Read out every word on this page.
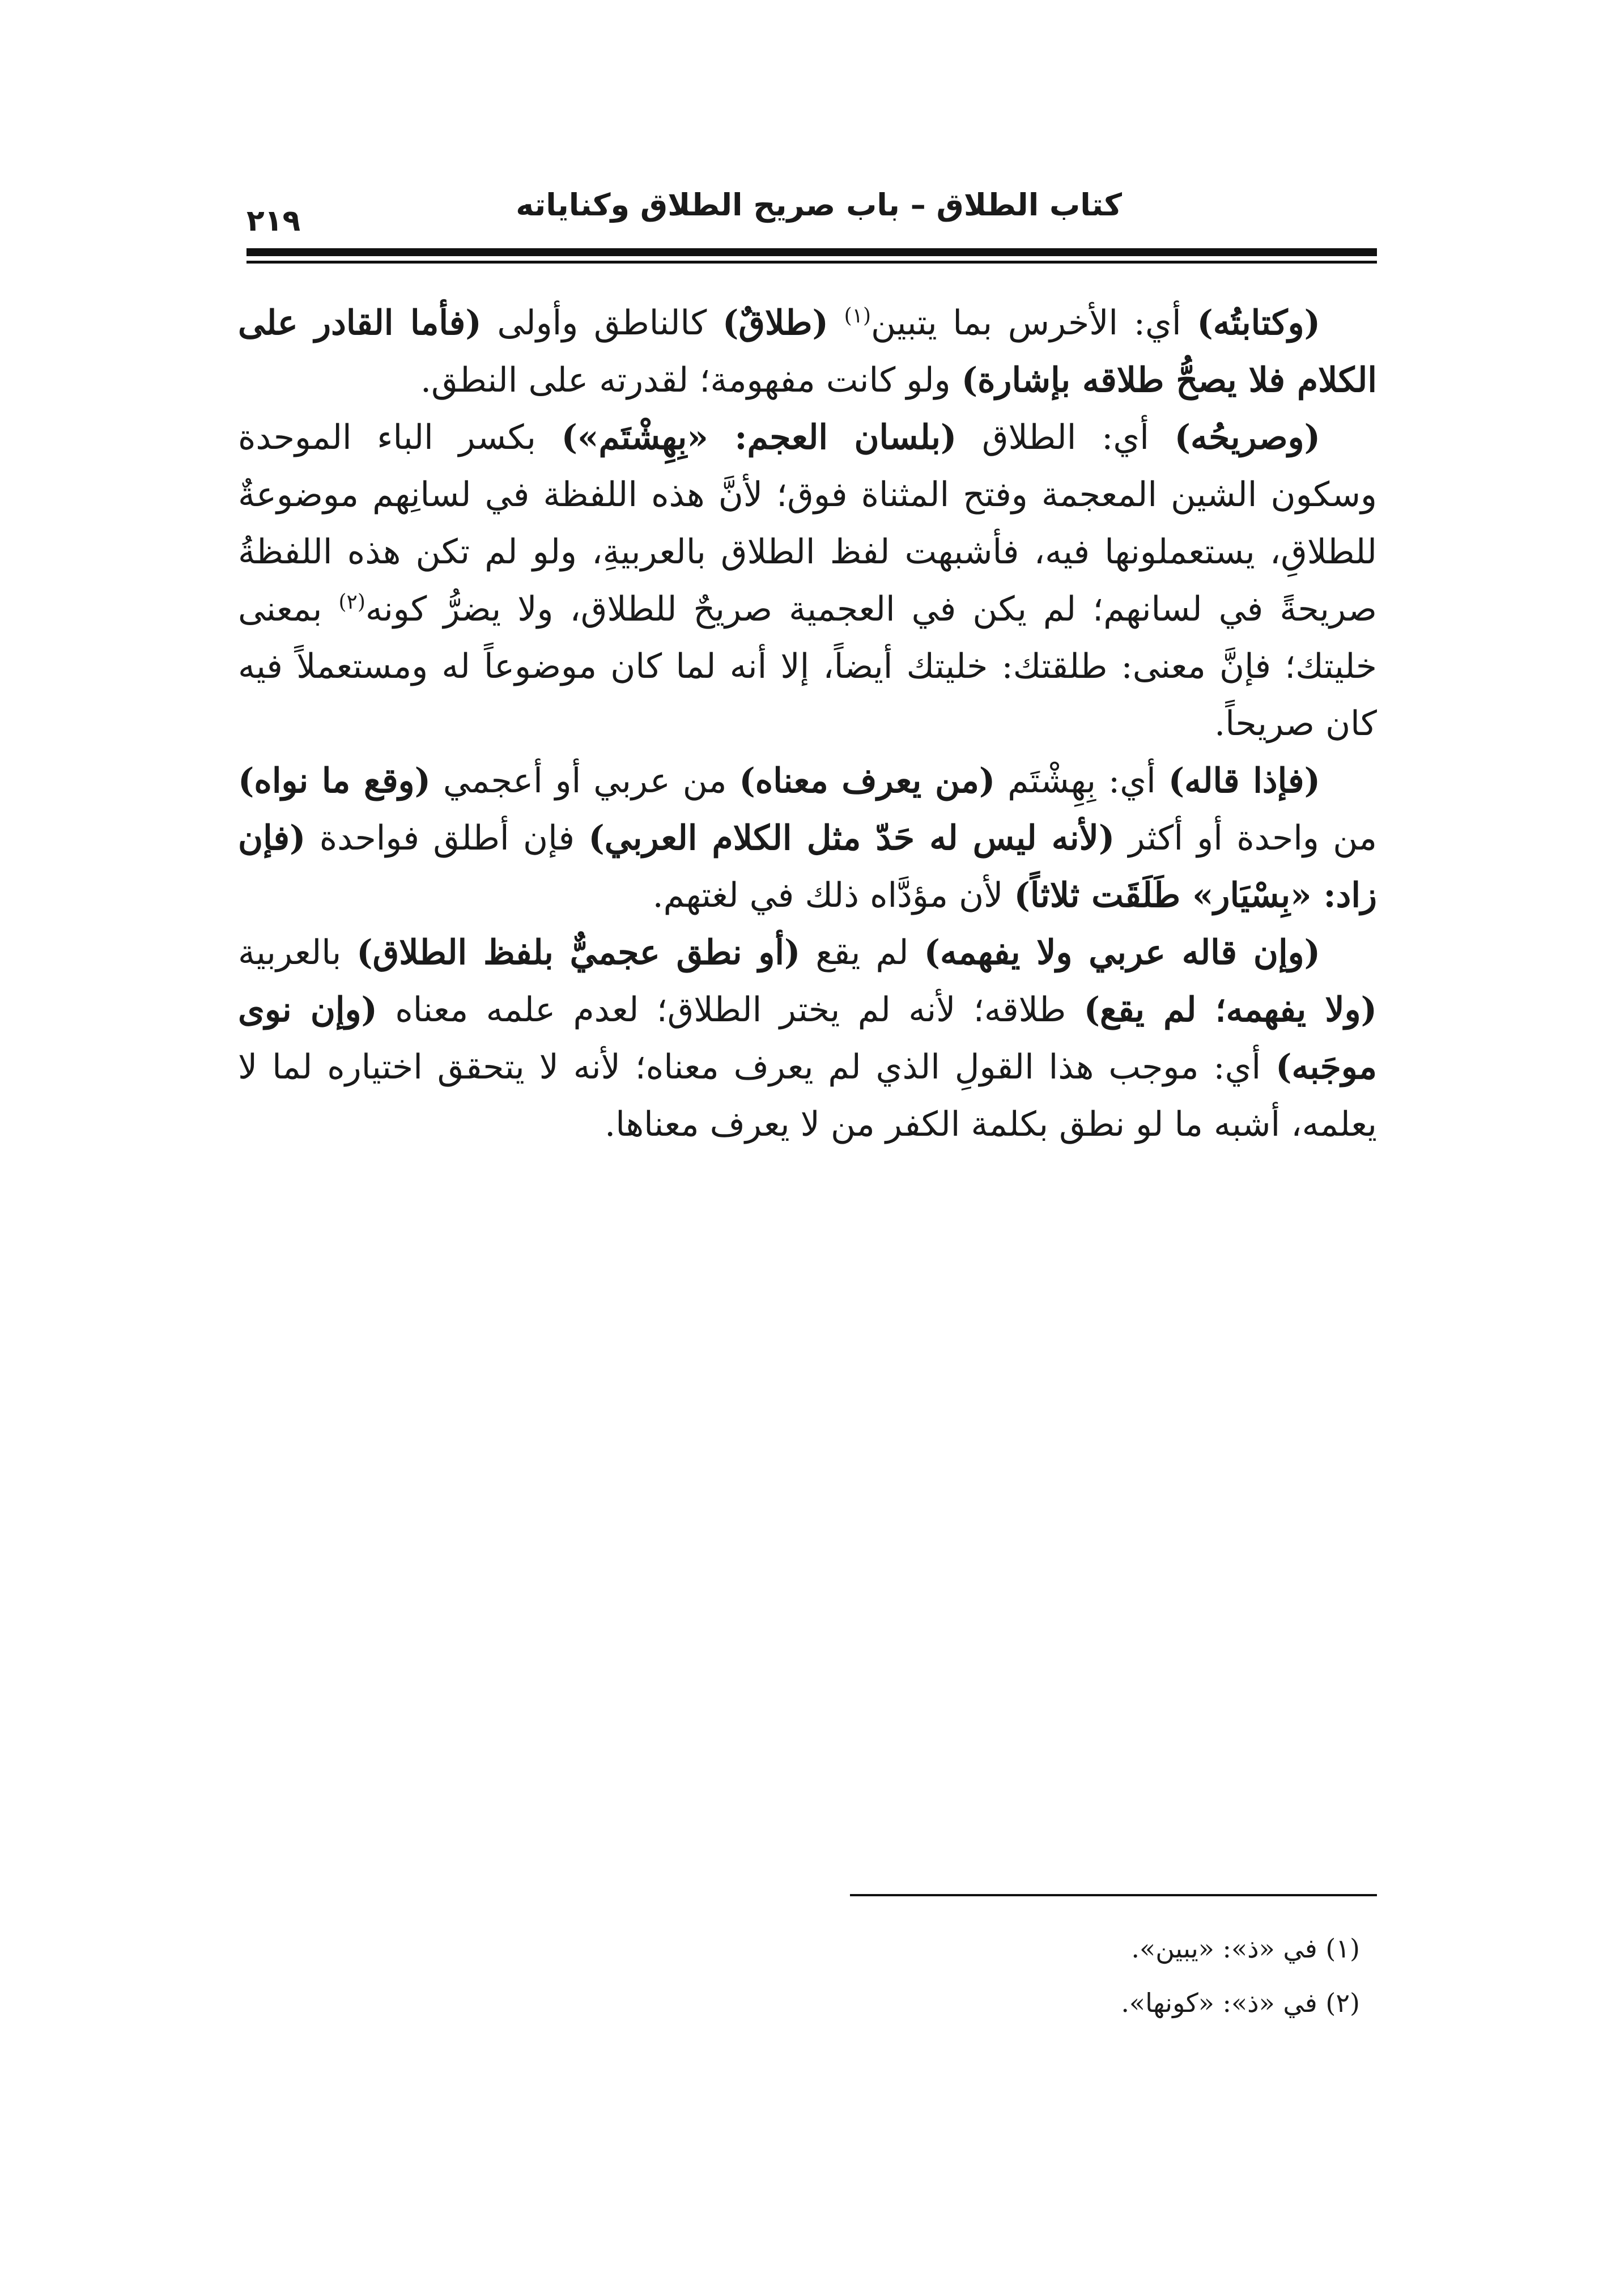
٢١٩	كتاب الطلاق – باب صريح الطلاق وكناياته

(وكتابتُه) أي: الأخرس بما يتبين$^{(١)}$ (طلاقٌ) كالناطق وأولى (فأما القادر على الكلام فلا يصحُّ طلاقه بإشارة) ولو كانت مفهومة؛ لقدرته على النطق.

(وصريحُه) أي: الطلاق (بلسان العجم: «بِهِشْتَم») بكسر الباء الموحدة وسكون الشين المعجمة وفتح المثناة فوق؛ لأنَّ هذه اللفظة في لسانِهم موضوعةٌ للطلاقِ، يستعملونها فيه، فأشبهت لفظ الطلاق بالعربيةِ، ولو لم تكن هذه اللفظةُ صريحةً في لسانهم؛ لم يكن في العجمية صريحٌ للطلاق، ولا يضرُّ كونه$^{(٢)}$ بمعنى خليتك؛ فإنَّ معنى: طلقتك: خليتك أيضاً، إلا أنه لما كان موضوعاً له ومستعملاً فيه كان صريحاً.

(فإذا قاله) أي: بِهِشْتَم (من يعرف معناه) من عربي أو أعجمي (وقع ما نواه) من واحدة أو أكثر (لأنه ليس له حَدّ مثل الكلام العربي) فإن أطلق فواحدة (فإن زاد: «بِسْيَار» طَلَقَت ثلاثاً) لأن مؤدَّاه ذلك في لغتهم.

(وإن قاله عربي ولا يفهمه) لم يقع (أو نطق عجميٌّ بلفظ الطلاق) بالعربية (ولا يفهمه؛ لم يقع) طلاقه؛ لأنه لم يختر الطلاق؛ لعدم علمه معناه (وإن نوى موجَبه) أي: موجب هذا القولِ الذي لم يعرف معناه؛ لأنه لا يتحقق اختياره لما لا يعلمه، أشبه ما لو نطق بكلمة الكفر من لا يعرف معناها.

(١) في «ذ»: «يبين».
(٢) في «ذ»: «كونها».
